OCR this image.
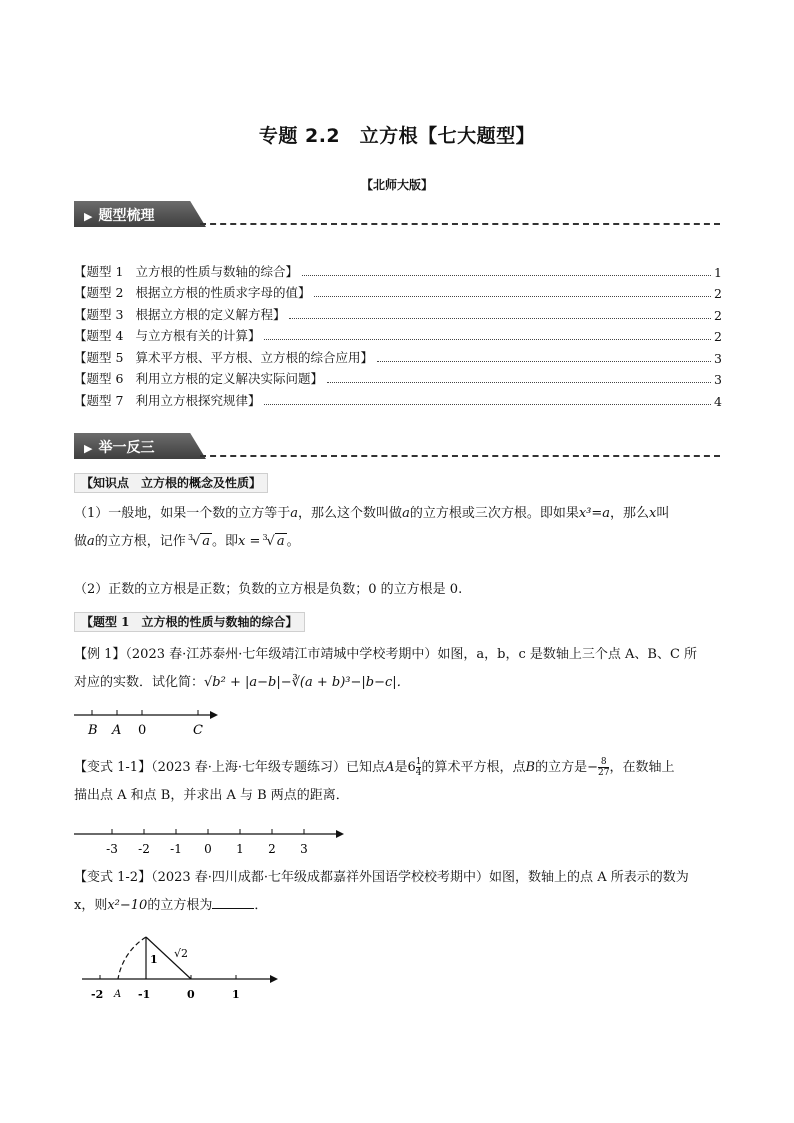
专题 2.2　立方根【七大题型】
【北师大版】
▶ 题型梳理
【题型 1 立方根的性质与数轴的综合】	1
【题型 2 根据立方根的性质求字母的值】	2
【题型 3 根据立方根的定义解方程】	2
【题型 4 与立方根有关的计算】	2
【题型 5 算术平方根、平方根、立方根的综合应用】	3
【题型 6 利用立方根的定义解决实际问题】	3
【题型 7 利用立方根探究规律】	4
▶ 举一反三
【知识点　立方根的概念及性质】
（1）一般地，如果一个数的立方等于a，那么这个数叫做a的立方根或三次方根。即如果x³=a，那么x叫
做a的立方根，记作 3
√ a 。即x = 3
√ a 。
（2）正数的立方根是正数；负数的立方根是负数；0 的立方根是 0.
【题型 1　立方根的性质与数轴的综合】
【例 1】（2023 春·江苏泰州·七年级靖江市靖城中学校考期中）如图，a，b，c 是数轴上三个点 A、B、C 所
对应的实数．试化简：√b² + |a−b|−∛(a + b)³−|b−c|．
B A 0	C
【变式 1-1】（2023 春·上海·七年级专题练习）已知点A是$6 \frac{1}{4}$ 的算术平方根，点B的立方是− $\frac{8}{27}$ ，在数轴上
描出点 A 和点 B，并求出 A 与 B 两点的距离．
-3 -2 -1 0 1 2 3
【变式 1-2】（2023 春·四川成都·七年级成都嘉祥外国语学校校考期中）如图，数轴上的点 A 所表示的数为
x，则x²−10的立方根为	．
-2 A -1	0	1
1 √2
